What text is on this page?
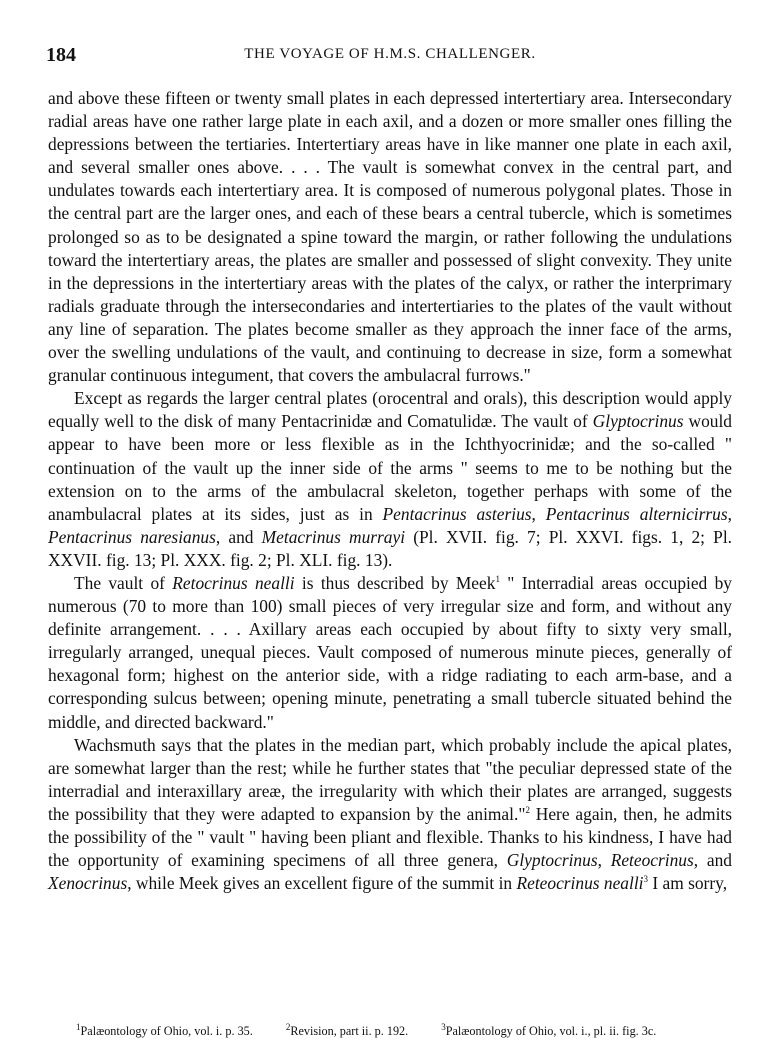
184	THE VOYAGE OF H.M.S. CHALLENGER.

and above these fifteen or twenty small plates in each depressed intertertiary area. Intersecondary radial areas have one rather large plate in each axil, and a dozen or more smaller ones filling the depressions between the tertiaries. Intertertiary areas have in like manner one plate in each axil, and several smaller ones above. . . . The vault is somewhat convex in the central part, and undulates towards each intertertiary area. It is composed of numerous polygonal plates. Those in the central part are the larger ones, and each of these bears a central tubercle, which is sometimes prolonged so as to be designated a spine toward the margin, or rather following the undulations toward the intertertiary areas, the plates are smaller and possessed of slight convexity. They unite in the depressions in the intertertiary areas with the plates of the calyx, or rather the interprimary radials graduate through the intersecondaries and intertertiaries to the plates of the vault without any line of separation. The plates become smaller as they approach the inner face of the arms, over the swelling undulations of the vault, and continuing to decrease in size, form a somewhat granular continuous integument, that covers the ambulacral furrows."

Except as regards the larger central plates (orocentral and orals), this description would apply equally well to the disk of many Pentacrinidæ and Comatulidæ. The vault of Glyptocrinus would appear to have been more or less flexible as in the Ichthyocrinidæ; and the so-called " continuation of the vault up the inner side of the arms " seems to me to be nothing but the extension on to the arms of the ambulacral skeleton, together perhaps with some of the anambulacral plates at its sides, just as in Pentacrinus asterius, Pentacrinus alternicirrus, Pentacrinus naresianus, and Metacrinus murrayi (Pl. XVII. fig. 7; Pl. XXVI. figs. 1, 2; Pl. XXVII. fig. 13; Pl. XXX. fig. 2; Pl. XLI. fig. 13).

The vault of Retocrinus nealli is thus described by Meek$^1$ " Interradial areas occupied by numerous (70 to more than 100) small pieces of very irregular size and form, and without any definite arrangement. . . . Axillary areas each occupied by about fifty to sixty very small, irregularly arranged, unequal pieces. Vault composed of numerous minute pieces, generally of hexagonal form; highest on the anterior side, with a ridge radiating to each arm-base, and a corresponding sulcus between; opening minute, penetrating a small tubercle situated behind the middle, and directed backward."

Wachsmuth says that the plates in the median part, which probably include the apical plates, are somewhat larger than the rest; while he further states that "the peculiar depressed state of the interradial and interaxillary areæ, the irregularity with which their plates are arranged, suggests the possibility that they were adapted to expansion by the animal."$^2$ Here again, then, he admits the possibility of the " vault " having been pliant and flexible. Thanks to his kindness, I have had the opportunity of examining specimens of all three genera, Glyptocrinus, Reteocrinus, and Xenocrinus, while Meek gives an excellent figure of the summit in Reteocrinus nealli$^3$ I am sorry,

$^1$Palæontology of Ohio, vol. i. p. 35.	$^2$Revision, part ii. p. 192.	$^3$Palæontology of Ohio, vol. i., pl. ii. fig. 3c.
